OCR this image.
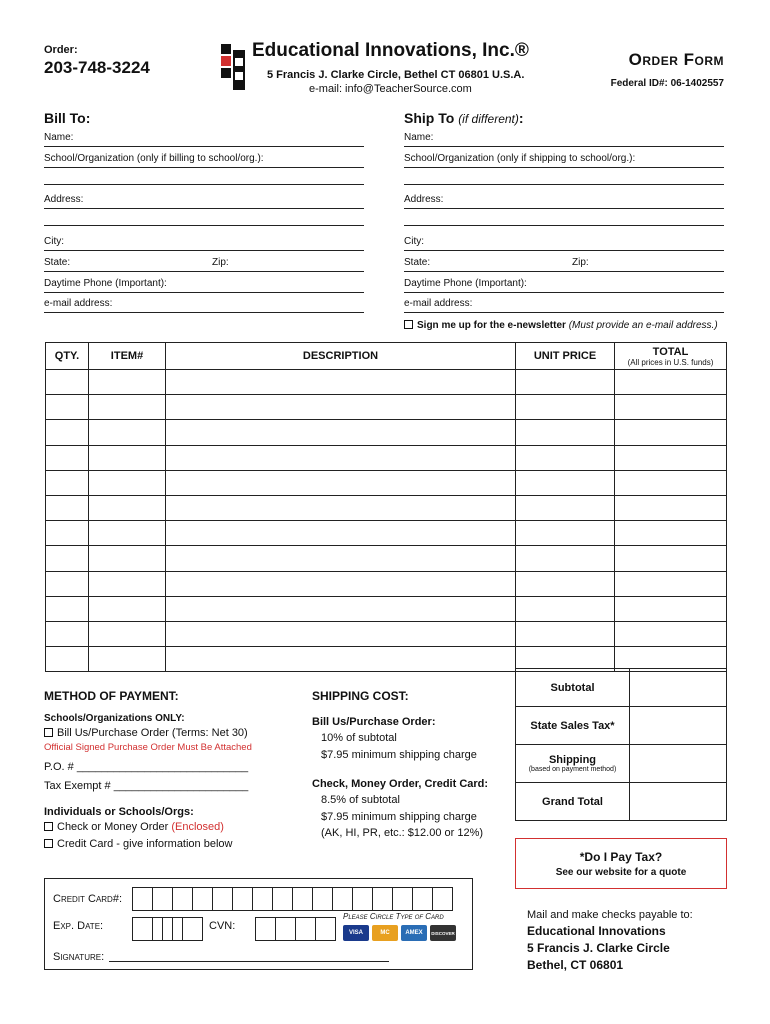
Order:
203-748-3224
Educational Innovations, Inc.®
5 Francis J. Clarke Circle, Bethel CT 06801 U.S.A.
e-mail: info@TeacherSource.com
Order Form
Federal ID#: 06-1402557
Bill To:
Name:
School/Organization (only if billing to school/org.):
Address:
City:
State:	Zip:
Daytime Phone (Important):
e-mail address:
Ship To (if different):
Name:
School/Organization (only if shipping to school/org.):
Address:
City:
State:	Zip:
Daytime Phone (Important):
e-mail address:
Sign me up for the e-newsletter (Must provide an e-mail address.)
QTY.	ITEM#	DESCRIPTION	UNIT PRICE	TOTAL
(All prices in U.S. funds)

METHOD OF PAYMENT:
Schools/Organizations ONLY:
Bill Us/Purchase Order (Terms: Net 30)
Official Signed Purchase Order Must Be Attached
P.O. # ____________________________
Tax Exempt # ______________________
Individuals or Schools/Orgs:
Check or Money Order (Enclosed)
Credit Card - give information below
SHIPPING COST:
Bill Us/Purchase Order:
10% of subtotal
$7.95 minimum shipping charge
Check, Money Order, Credit Card:
8.5% of subtotal
$7.95 minimum shipping charge
(AK, HI, PR, etc.: $12.00 or 12%)
Subtotal	
State Sales Tax*	
Shipping
(based on payment method)	

Grand Total	
*Do I Pay Tax?
See our website for a quote
Credit Card#:
Exp. Date:	CVN:
Please Circle Type of Card
VISA	MC	AMEX	DISCOVER
Signature:
Mail and make checks payable to:
Educational Innovations
5 Francis J. Clarke Circle
Bethel, CT 06801
